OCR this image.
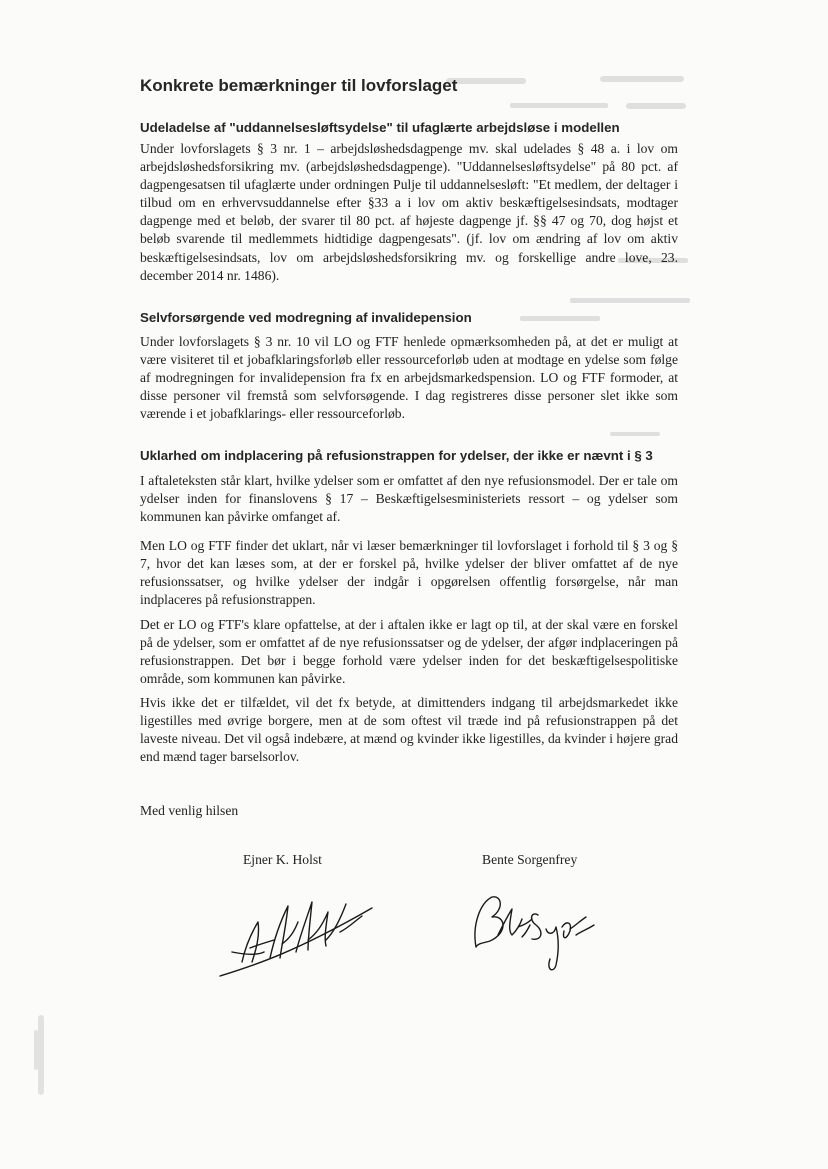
Konkrete bemærkninger til lovforslaget
Udeladelse af "uddannelsesløftsydelse" til ufaglærte arbejdsløse i modellen

Under lovforslagets § 3 nr. 1 – arbejdsløshedsdagpenge mv. skal udelades § 48 a. i lov om arbejdsløshedsforsikring mv. (arbejdsløshedsdagpenge). "Uddannelsesløftsydelse" på 80 pct. af dagpengesatsen til ufaglærte under ordningen Pulje til uddannelsesløft: "Et medlem, der deltager i tilbud om en erhvervsuddannelse efter §33 a i lov om aktiv beskæftigelsesindsats, modtager dagpenge med et beløb, der svarer til 80 pct. af højeste dagpenge jf. §§ 47 og 70, dog højst et beløb svarende til medlemmets hidtidige dagpengesats". (jf. lov om ændring af lov om aktiv beskæftigelsesindsats, lov om arbejdsløshedsforsikring mv. og forskellige andre love, 23. december 2014 nr. 1486).

Selvforsørgende ved modregning af invalidepension

Under lovforslagets § 3 nr. 10 vil LO og FTF henlede opmærksomheden på, at det er muligt at være visiteret til et jobafklaringsforløb eller ressourceforløb uden at modtage en ydelse som følge af modregningen for invalidepension fra fx en arbejdsmarkedspension. LO og FTF formoder, at disse personer vil fremstå som selvforsøgende. I dag registreres disse personer slet ikke som værende i et jobafklarings- eller ressourceforløb.

Uklarhed om indplacering på refusionstrappen for ydelser, der ikke er nævnt i § 3

I aftaleteksten står klart, hvilke ydelser som er omfattet af den nye refusionsmodel. Der er tale om ydelser inden for finanslovens § 17 – Beskæftigelsesministeriets ressort – og ydelser som kommunen kan påvirke omfanget af.

Men LO og FTF finder det uklart, når vi læser bemærkninger til lovforslaget i forhold til § 3 og § 7, hvor det kan læses som, at der er forskel på, hvilke ydelser der bliver omfattet af de nye refusionssatser, og hvilke ydelser der indgår i opgørelsen offentlig forsørgelse, når man indplaceres på refusionstrappen.

Det er LO og FTF's klare opfattelse, at der i aftalen ikke er lagt op til, at der skal være en forskel på de ydelser, som er omfattet af de nye refusionssatser og de ydelser, der afgør indplaceringen på refusionstrappen. Det bør i begge forhold være ydelser inden for det beskæftigelsespolitiske område, som kommunen kan påvirke.

Hvis ikke det er tilfældet, vil det fx betyde, at dimittenders indgang til arbejdsmarkedet ikke ligestilles med øvrige borgere, men at de som oftest vil træde ind på refusionstrappen på det laveste niveau. Det vil også indebære, at mænd og kvinder ikke ligestilles, da kvinder i højere grad end mænd tager barselsorlov.

Med venlig hilsen

Ejner K. Holst	Bente Sorgenfrey
